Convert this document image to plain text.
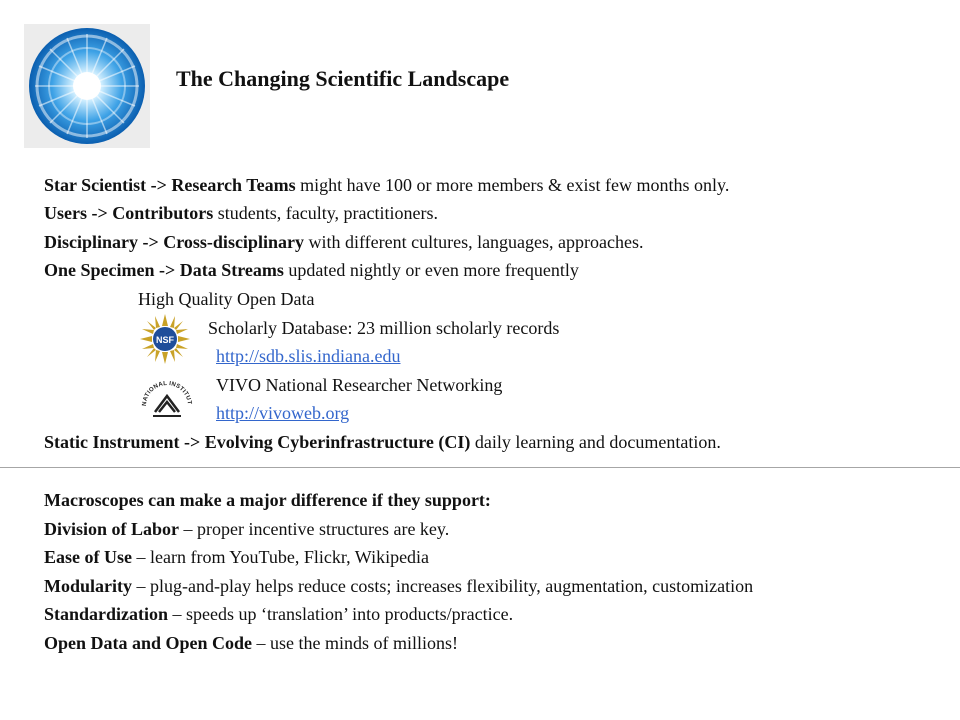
The Changing Scientific Landscape
Star Scientist -> Research Teams might have 100 or more members & exist few months only.
Users -> Contributors students, faculty, practitioners.
Disciplinary -> Cross-disciplinary with different cultures, languages, approaches.
One Specimen -> Data Streams updated nightly or even more frequently
High Quality Open Data
NSF
Scholarly Database: 23 million scholarly records
http://sdb.slis.indiana.edu
NATIONAL INSTITUT
VIVO National Researcher Networking
http://vivoweb.org
Static Instrument -> Evolving Cyberinfrastructure (CI) daily learning and documentation.
Macroscopes can make a major difference if they support:
Division of Labor – proper incentive structures are key.
Ease of Use – learn from YouTube, Flickr, Wikipedia
Modularity – plug-and-play helps reduce costs; increases flexibility, augmentation, customization
Standardization – speeds up ‘translation’ into products/practice.
Open Data and Open Code – use the minds of millions!
